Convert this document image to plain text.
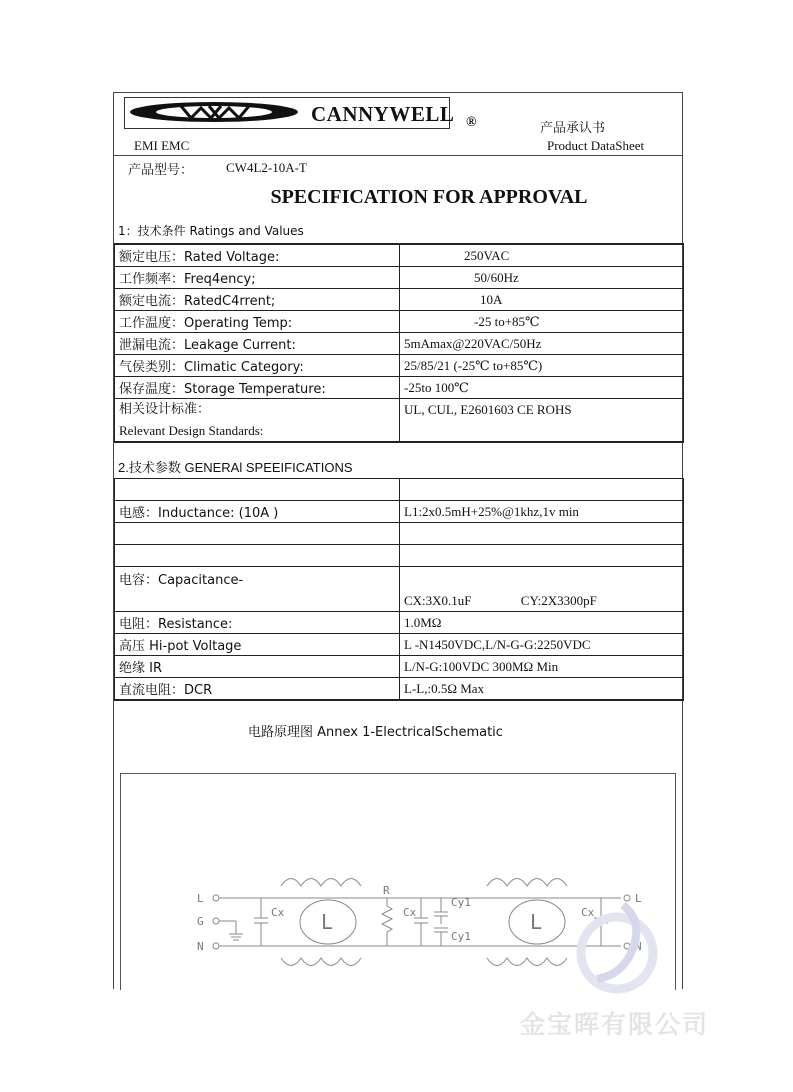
CANNYWELL ®	产品承认书
EMI EMC	Product DataSheet
产品型号：	CW4L2-10A-T
SPECIFICATION FOR APPROVAL
1：技术条件 Ratings and Values
额定电压：Rated Voltage:	250VAC
工作频率：Freq4ency;	50/60Hz
额定电流：RatedC4rrent;	10A
工作温度：Operating Temp:	-25 to+85℃
泄漏电流：Leakage Current:	5mAmax@220VAC/50Hz
气侯类别：Climatic Category:	25/85/21 (-25℃ to+85℃)
保存温度：Storage Temperature:	-25to 100℃

相关设计标准：
Relevant Design Standards:	UL, CUL, E2601603 CE ROHS
2.技术参数 GENERAl SPEEIFICATIONS

电感：Inductance: (10A )	L1:2x0.5mH+25%@1khz,1v min

电容：Capacitance-	CX:3X0.1uF CY:2X3300pF
电阻：Resistance:	1.0MΩ
高压 Hi-pot Voltage	L -N1450VDC,L/N-G-G:2250VDC
绝缘 IR	L/N-G:100VDC 300MΩ Min
直流电阻：DCR	L-L,:0.5Ω Max
电路原理图 Annex 1-ElectricalSchematic
L
G
N
L
N
Cx
R
Cx
Cy1
Cy1
Cx
L	L
金宝晖有限公司
